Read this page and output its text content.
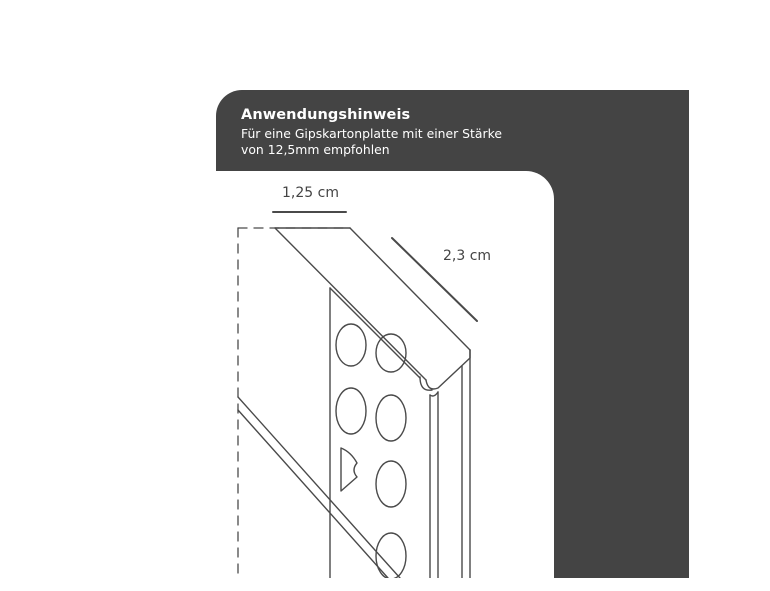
Anwendungshinweis
Für eine Gipskartonplatte mit einer Stärke
von 12,5mm empfohlen
1,25 cm
2,3 cm
